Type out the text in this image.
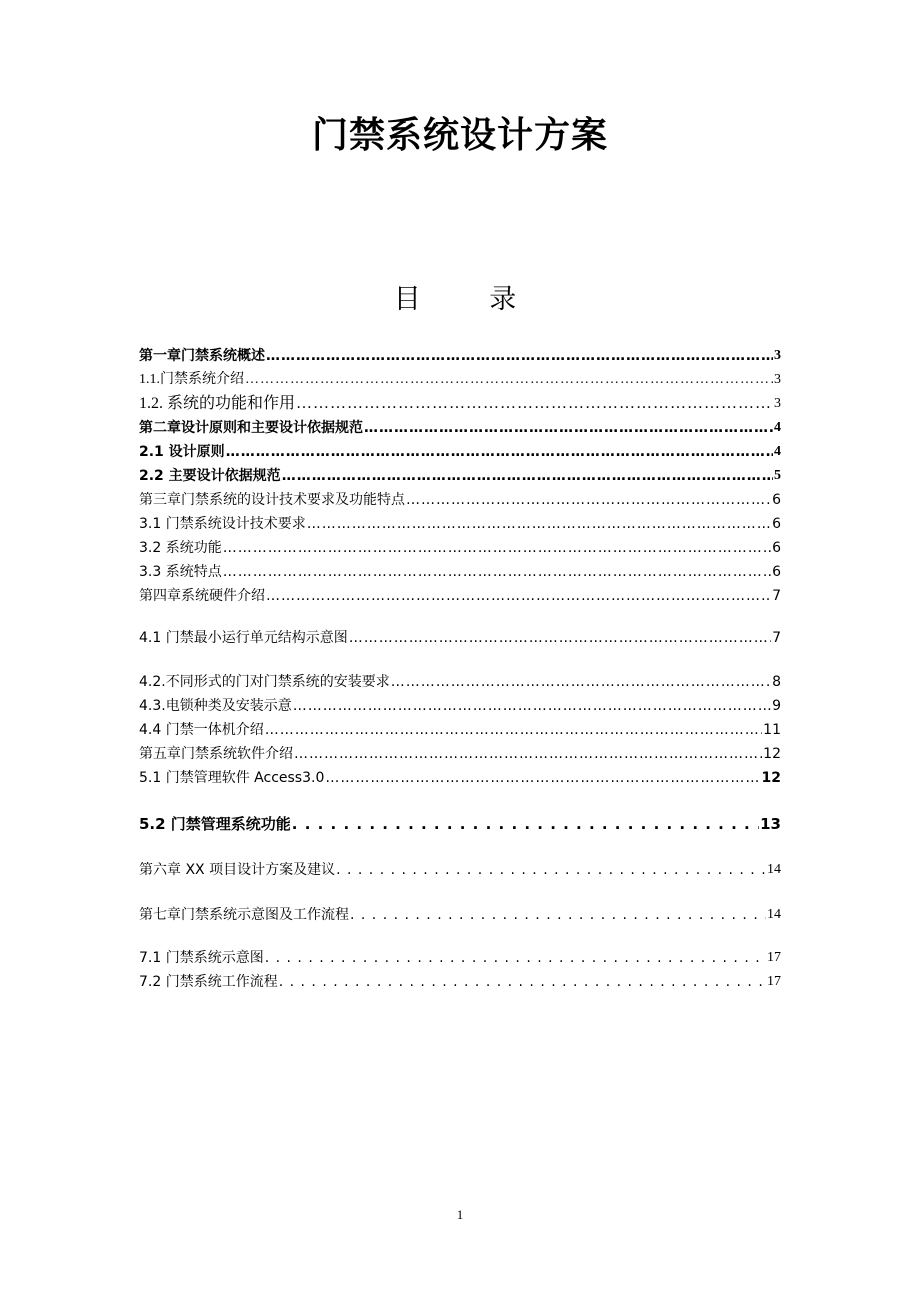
门禁系统设计方案
目 录
第一章门禁系统概述 ……………………………………………………………………………………………………………………………………………………………	3
1.1.门禁系统介绍 ……………………………………………………………………………………………………………………………………………………………	3
1.2. 系统的功能和作用 ……………………………………………………………………………………………………………………………………………………………	3
第二章设计原则和主要设计依据规范 ……………………………………………………………………………………………………………………………………………………………	4
2.1 设计原则 ……………………………………………………………………………………………………………………………………………………………	4
2.2 主要设计依据规范 ……………………………………………………………………………………………………………………………………………………………	5
第三章门禁系统的设计技术要求及功能特点 ……………………………………………………………………………………………………………………………………………………………	6
3.1 门禁系统设计技术要求 ……………………………………………………………………………………………………………………………………………………………	6
3.2 系统功能 ……………………………………………………………………………………………………………………………………………………………	6
3.3 系统特点 ……………………………………………………………………………………………………………………………………………………………	6
第四章系统硬件介绍 ……………………………………………………………………………………………………………………………………………………………	7
4.1 门禁最小运行单元结构示意图 ……………………………………………………………………………………………………………………………………………………………	7
4.2.不同形式的门对门禁系统的安装要求 ……………………………………………………………………………………………………………………………………………………………	8
4.3.电锁种类及安装示意 ……………………………………………………………………………………………………………………………………………………………	9
4.4 门禁一体机介绍 ……………………………………………………………………………………………………………………………………………………………	11
第五章门禁系统软件介绍 ……………………………………………………………………………………………………………………………………………………………	12
5.1 门禁管理软件 Access3.0 ……………………………………………………………………………………………………………………………………………………………	12
5.2 门禁管理系统功能 . . .	13
第六章 XX 项目设计方案及建议 . . .	14
第七章门禁系统示意图及工作流程 . . .	14
7.1 门禁系统示意图 . . .	17
7.2 门禁系统工作流程 . . .	17
1
